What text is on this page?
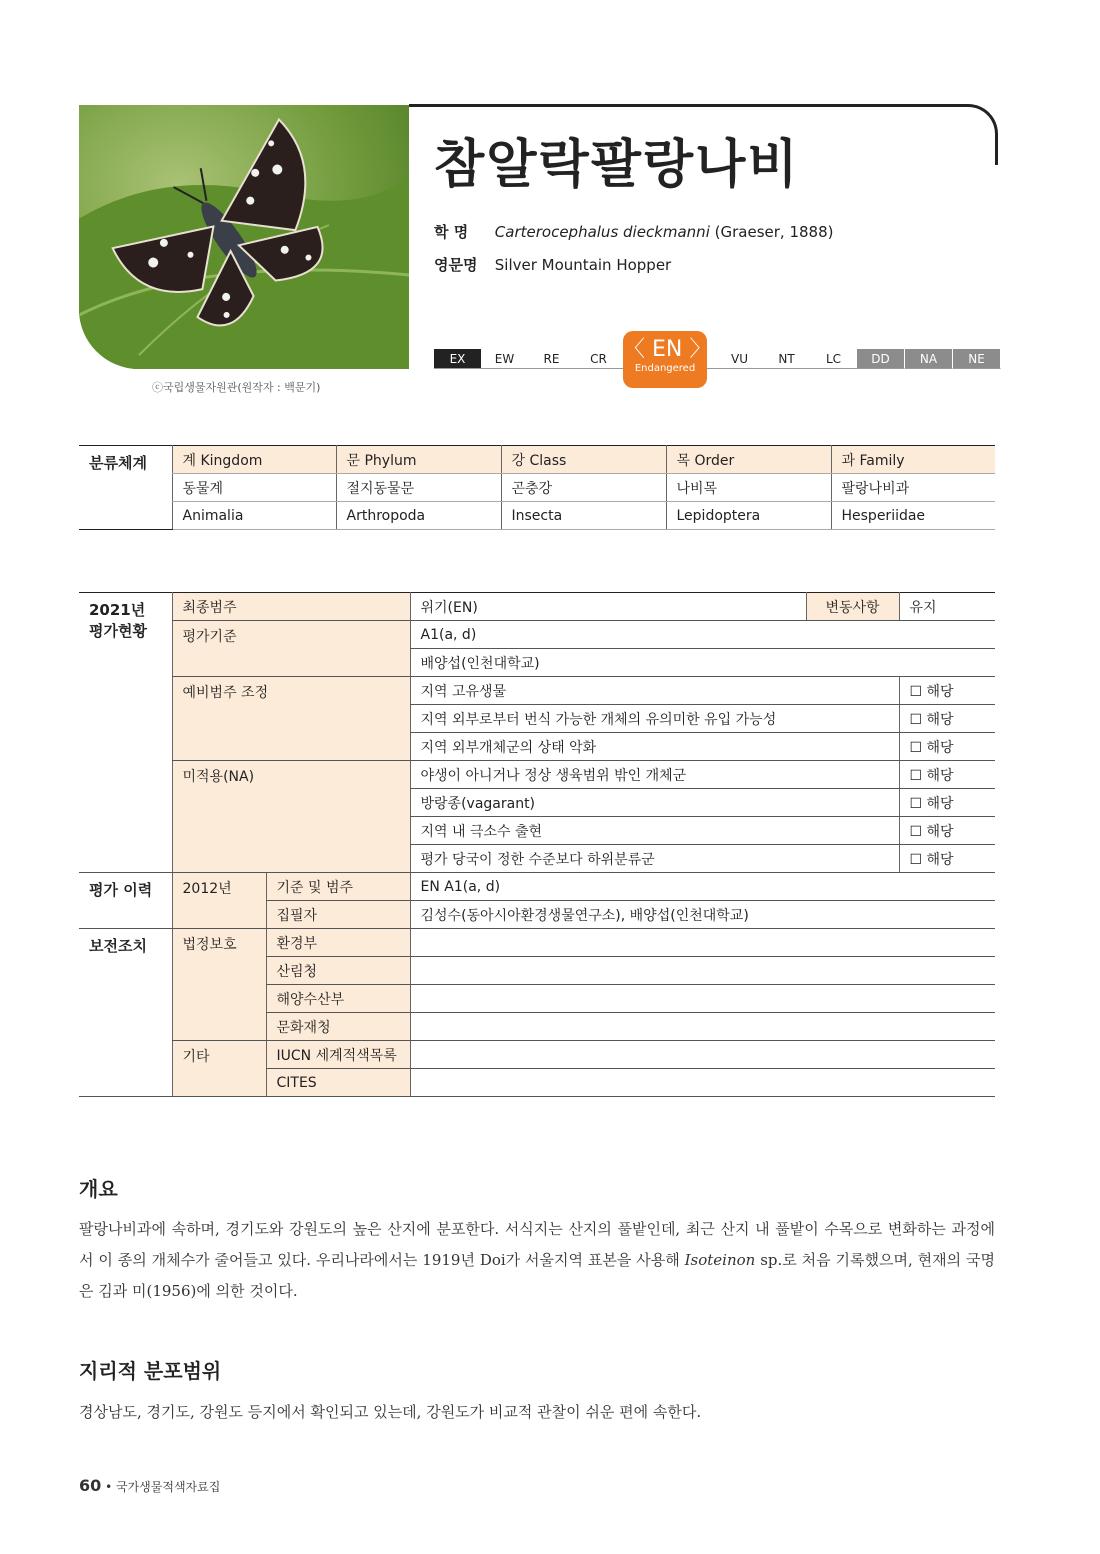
ⓒ국립생물자원관(원작자 : 백문기)
참알락팔랑나비
학 명 Carterocephalus dieckmanni (Graeser, 1888)
영문명 Silver Mountain Hopper
EX	EW	RE	CR	VU	NT	LC	DD	NA	NE
〈 EN 〉
Endangered
분류체계	계 Kingdom	문 Phylum	강 Class	목 Order	과 Family
	동물계	절지동물문	곤충강	나비목	팔랑나비과
	Animalia	Arthropoda	Insecta	Lepidoptera	Hesperiidae
2021년
평가현황	최종범주		위기(EN)	변동사항	유지
	평가기준		A1(a, d)		
			배양섭(인천대학교)		
	예비범주 조정		지역 고유생물		☐ 해당
			지역 외부로부터 번식 가능한 개체의 유의미한 유입 가능성		☐ 해당
			지역 외부개체군의 상태 악화		☐ 해당
	미적용(NA)		야생이 아니거나 정상 생육범위 밖인 개체군		☐ 해당
			방랑종(vagarant)		☐ 해당
			지역 내 극소수 출현		☐ 해당
			평가 당국이 정한 수준보다 하위분류군		☐ 해당
평가 이력	2012년	기준 및 범주	EN A1(a, d)		
		집필자	김성수(동아시아환경생물연구소), 배양섭(인천대학교)		
보전조치	법정보호	환경부			
		산림청			
		해양수산부			
		문화재청			
	기타	IUCN 세계적색목록			
		CITES			
개요
팔랑나비과에 속하며, 경기도와 강원도의 높은 산지에 분포한다. 서식지는 산지의 풀밭인데, 최근 산지 내 풀밭이 수목으로 변화하는 과정에서 이 종의 개체수가 줄어들고 있다. 우리나라에서는 1919년 Doi가 서울지역 표본을 사용해 Isoteinon sp.로 처음 기록했으며, 현재의 국명은 김과 미(1956)에 의한 것이다.
지리적 분포범위
경상남도, 경기도, 강원도 등지에서 확인되고 있는데, 강원도가 비교적 관찰이 쉬운 편에 속한다.
60 • 국가생물적색자료집
